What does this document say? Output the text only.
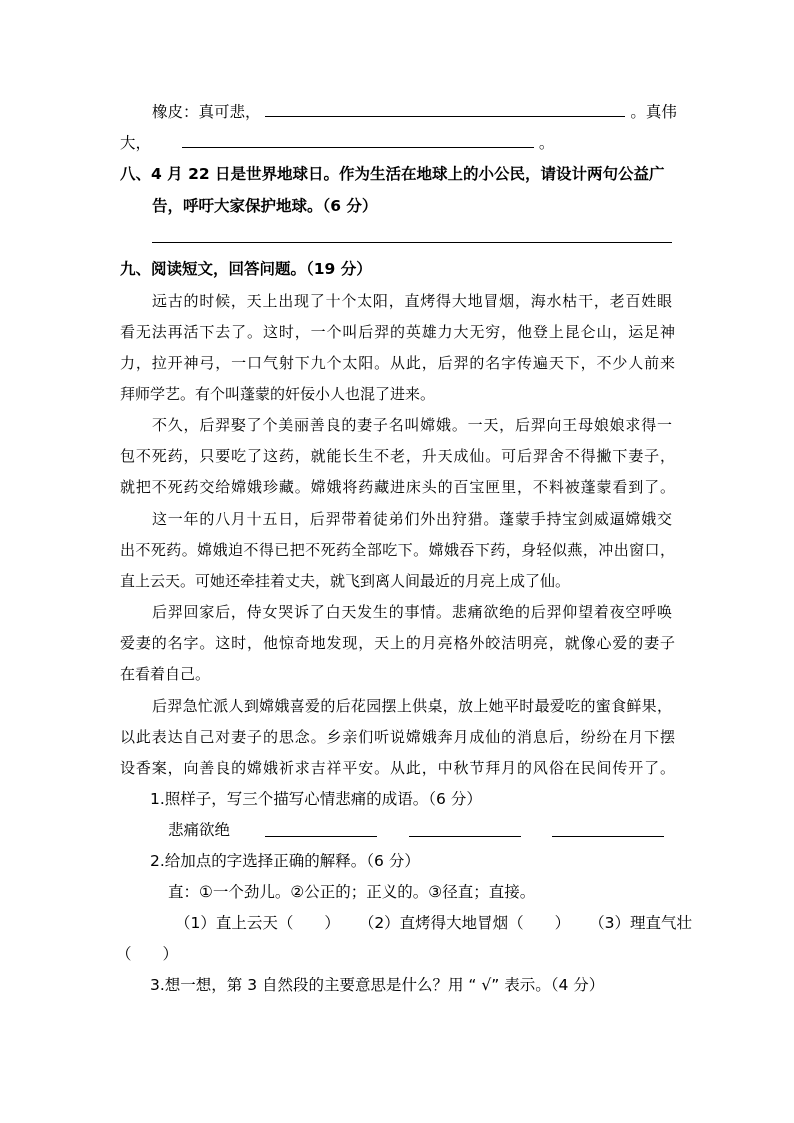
橡皮：真可悲，	。真伟
大，	。
八、4 月 22 日是世界地球日。作为生活在地球上的小公民，请设计两句公益广
告，呼吁大家保护地球。（6 分）
九、阅读短文，回答问题。（19 分）
远古的时候，天上出现了十个太阳，直烤得大地冒烟，海水枯干，老百姓眼
看无法再活下去了。这时，一个叫后羿的英雄力大无穷，他登上昆仑山，运足神
力，拉开神弓，一口气射下九个太阳。从此，后羿的名字传遍天下，不少人前来
拜师学艺。有个叫蓬蒙的奸佞小人也混了进来。
不久，后羿娶了个美丽善良的妻子名叫嫦娥。一天，后羿向王母娘娘求得一
包不死药，只要吃了这药，就能长生不老，升天成仙。可后羿舍不得撇下妻子，
就把不死药交给嫦娥珍藏。嫦娥将药藏进床头的百宝匣里，不料被蓬蒙看到了。
这一年的八月十五日，后羿带着徒弟们外出狩猎。蓬蒙手持宝剑威逼嫦娥交
出不死药。嫦娥迫不得已把不死药全部吃下。嫦娥吞下药，身轻似燕，冲出窗口，
直上云天。可她还牵挂着丈夫，就飞到离人间最近的月亮上成了仙。
后羿回家后，侍女哭诉了白天发生的事情。悲痛欲绝的后羿仰望着夜空呼唤
爱妻的名字。这时，他惊奇地发现，天上的月亮格外皎洁明亮，就像心爱的妻子
在看着自己。
后羿急忙派人到嫦娥喜爱的后花园摆上供桌，放上她平时最爱吃的蜜食鲜果，
以此表达自己对妻子的思念。乡亲们听说嫦娥奔月成仙的消息后，纷纷在月下摆
设香案，向善良的嫦娥祈求吉祥平安。从此，中秋节拜月的风俗在民间传开了。
1.照样子，写三个描写心情悲痛的成语。（6 分）
悲痛欲绝
2.给加点的字选择正确的解释。（6 分）
直：①一个劲儿。②公正的；正义的。③径直；直接。
（1）直上云天（　　） （2）直烤得大地冒烟（　　） （3）理直气壮
（　　）
3.想一想，第 3 自然段的主要意思是什么？用 “ √” 表示。（4 分）
